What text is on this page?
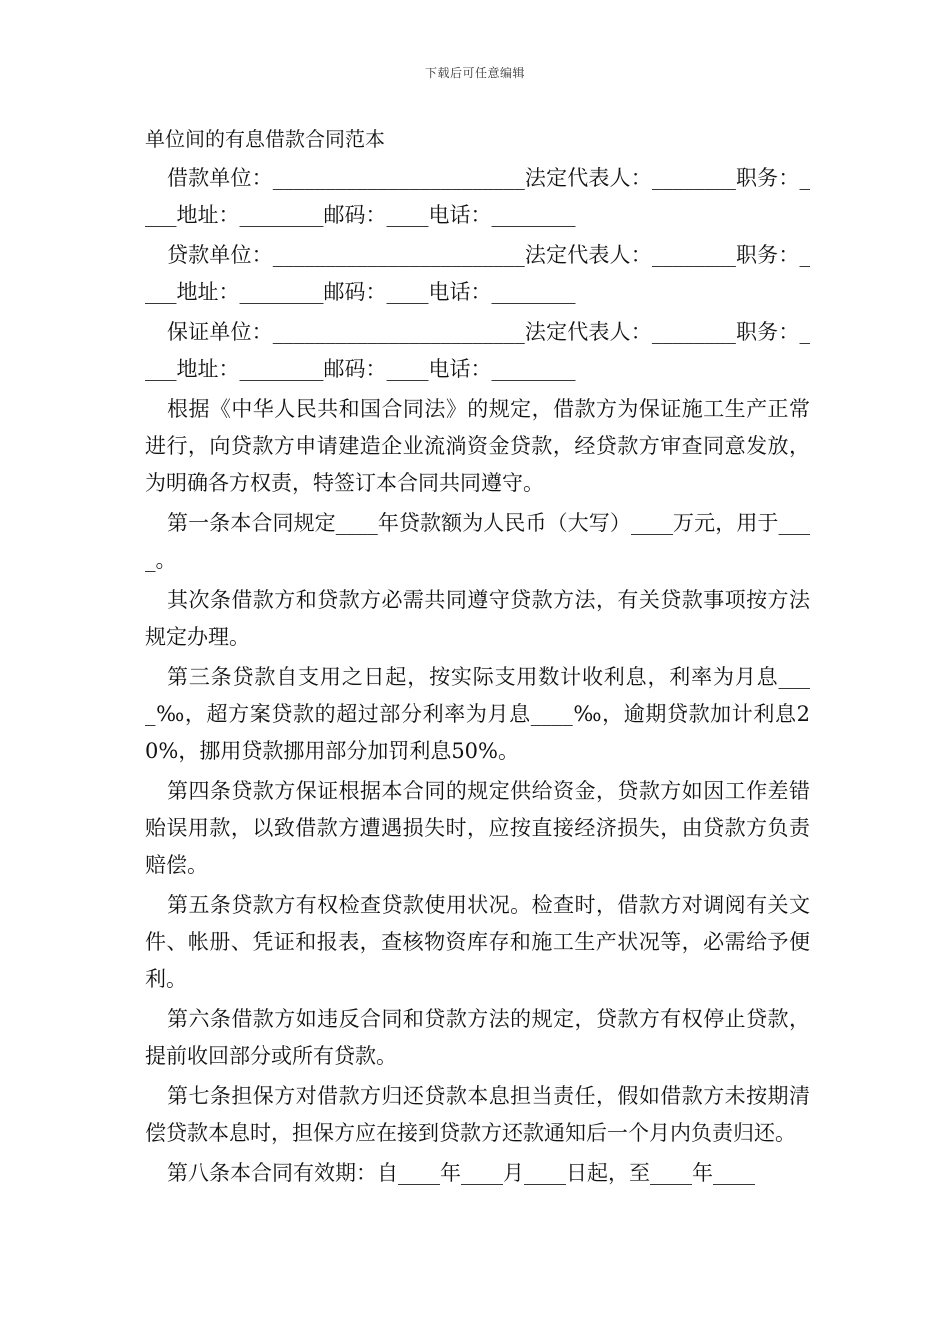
下载后可任意编辑
单位间的有息借款合同范本

借款单位：________________________法定代表人：________职务：____地址：________邮码：____电话：________

贷款单位：________________________法定代表人：________职务：____地址：________邮码：____电话：________

保证单位：________________________法定代表人：________职务：____地址：________邮码：____电话：________

根据《中华人民共和国合同法》的规定，借款方为保证施工生产正常进行，向贷款方申请建造企业流淌资金贷款，经贷款方审查同意发放，为明确各方权责，特签订本合同共同遵守。

第一条本合同规定____年贷款额为人民币（大写）____万元，用于____。

其次条借款方和贷款方必需共同遵守贷款方法，有关贷款事项按方法规定办理。

第三条贷款自支用之日起，按实际支用数计收利息，利率为月息____‰，超方案贷款的超过部分利率为月息____‰，逾期贷款加计利息20%，挪用贷款挪用部分加罚利息50%。

第四条贷款方保证根据本合同的规定供给资金，贷款方如因工作差错贻误用款，以致借款方遭遇损失时，应按直接经济损失，由贷款方负责赔偿。

第五条贷款方有权检查贷款使用状况。检查时，借款方对调阅有关文件、帐册、凭证和报表，查核物资库存和施工生产状况等，必需给予便利。

第六条借款方如违反合同和贷款方法的规定，贷款方有权停止贷款，提前收回部分或所有贷款。

第七条担保方对借款方归还贷款本息担当责任，假如借款方未按期清偿贷款本息时，担保方应在接到贷款方还款通知后一个月内负责归还。

第八条本合同有效期：自____年____月____日起，至____年____
